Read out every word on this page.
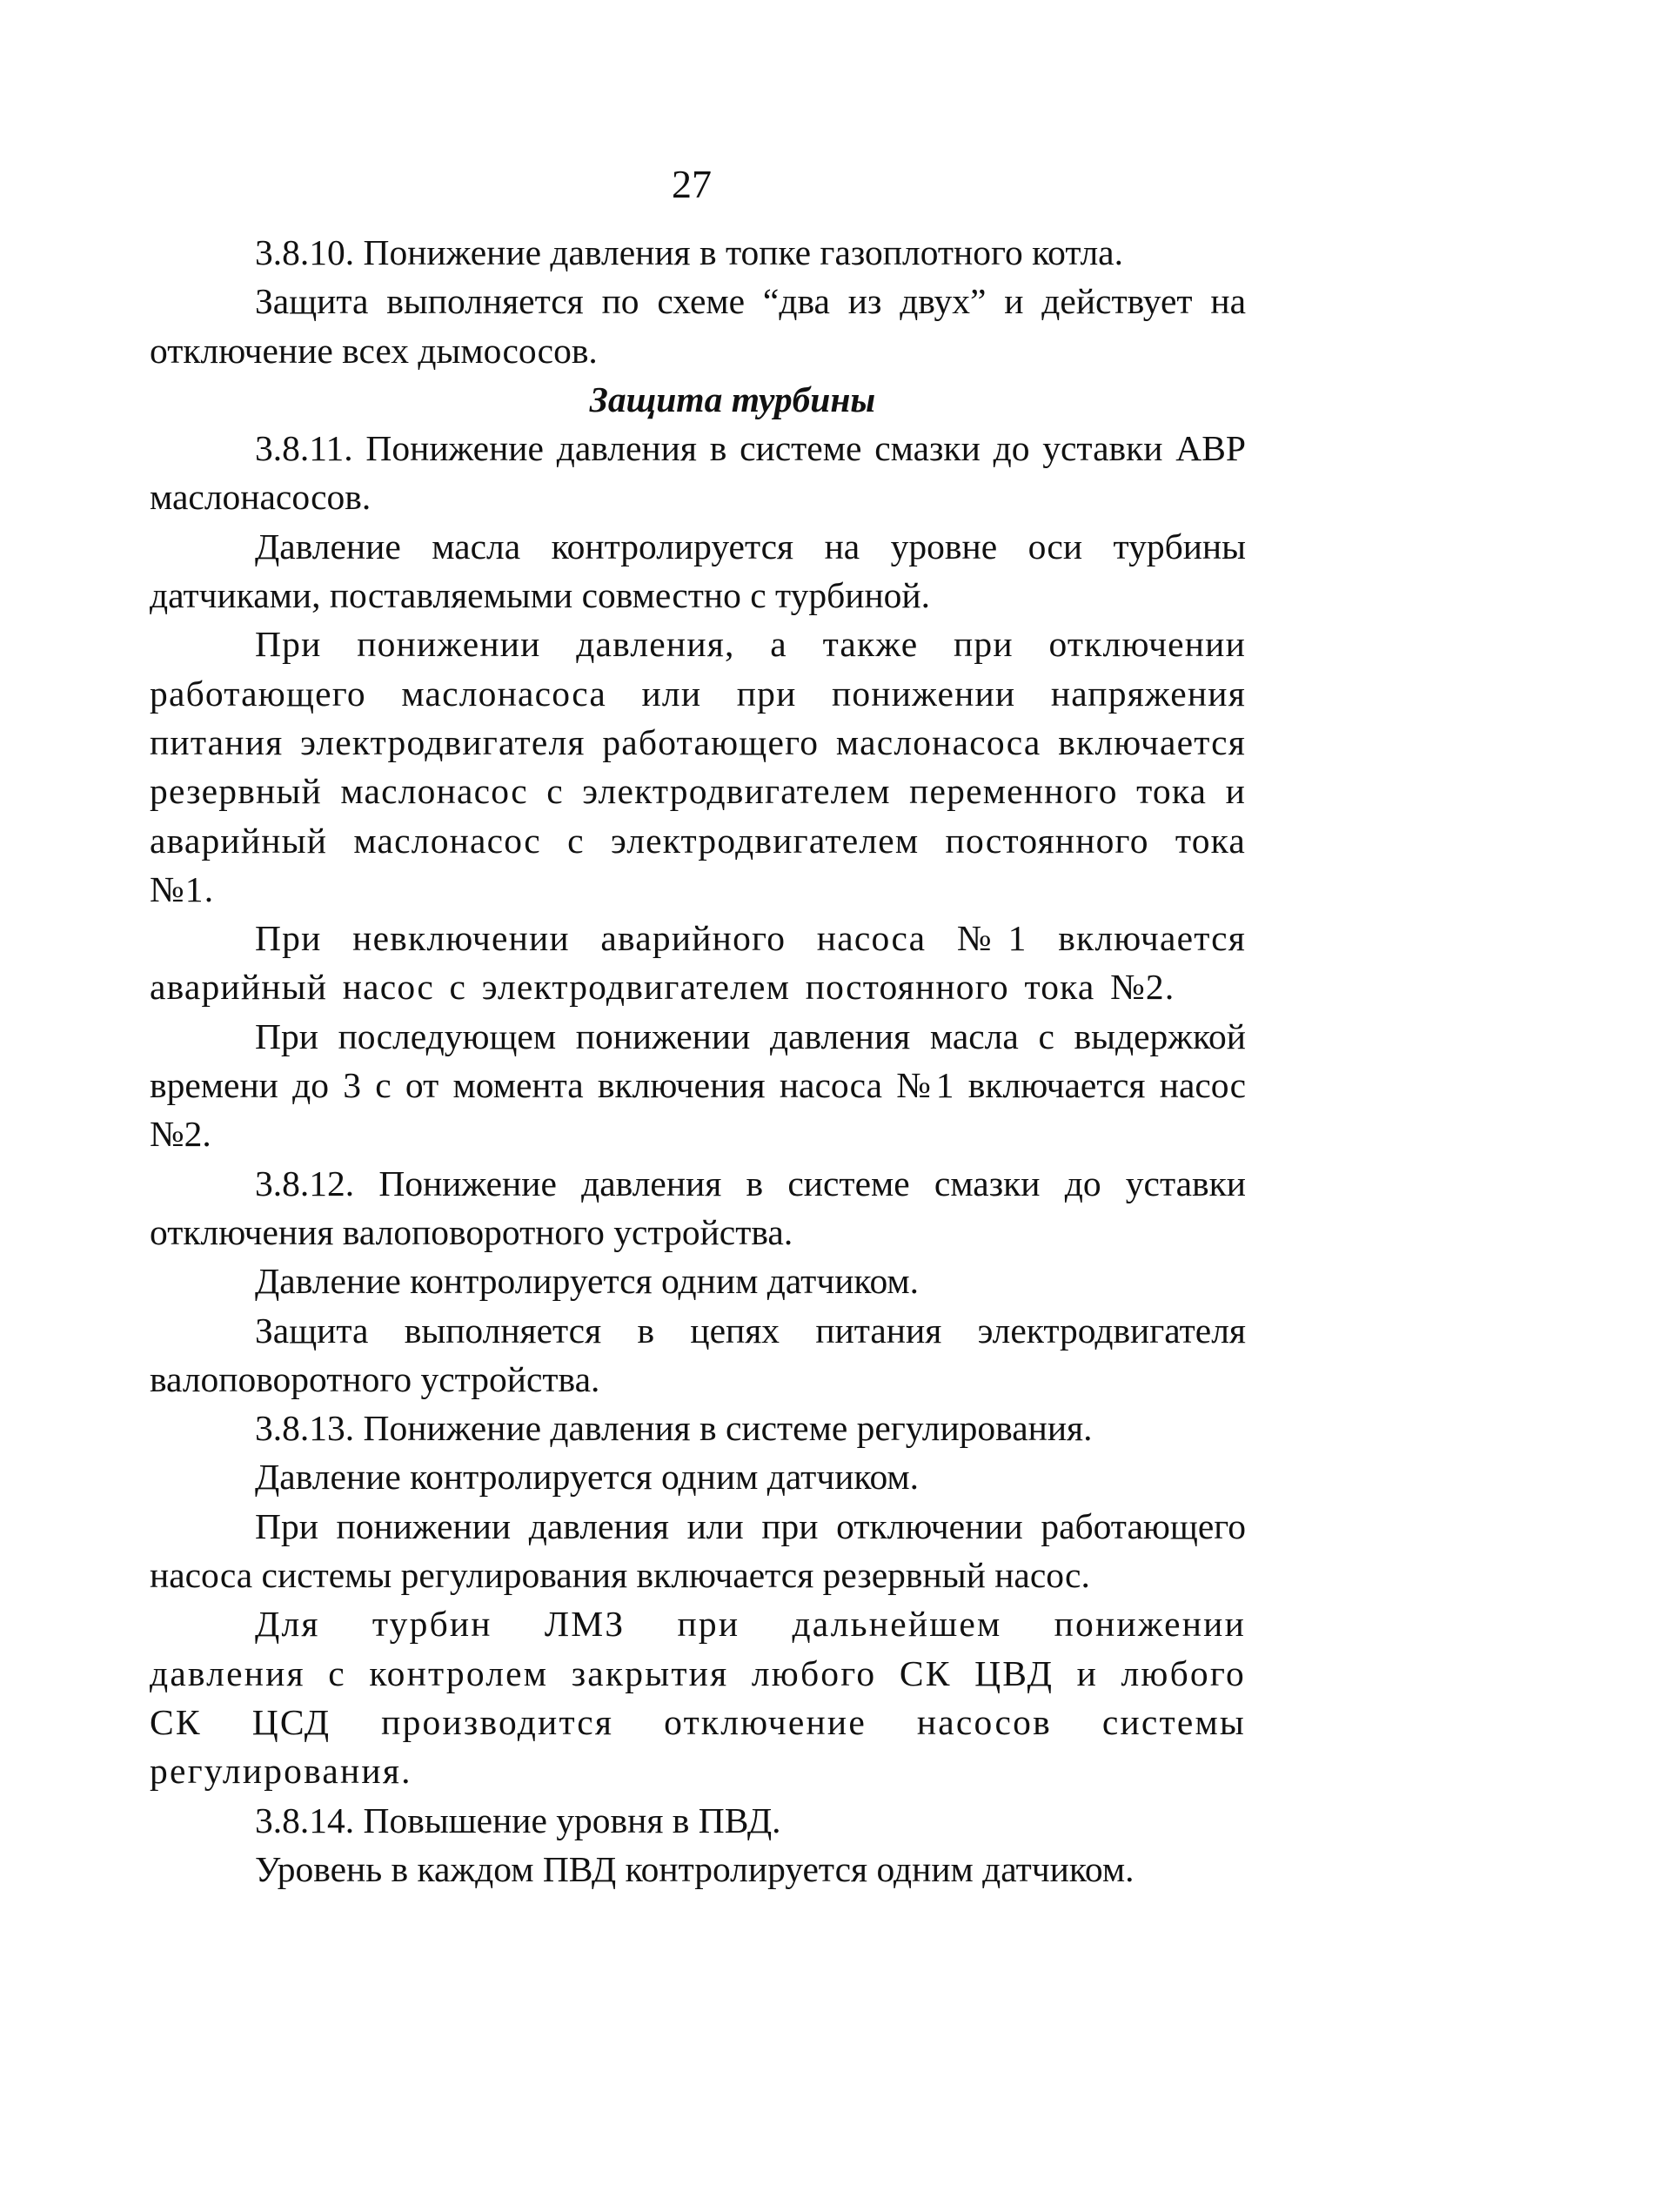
27

3.8.10. Понижение давления в топке газоплотного котла.

Защита выполняется по схеме “два из двух” и действует на отключение всех дымососов.

Защита турбины

3.8.11. Понижение давления в системе смазки до уставки АВР маслонасосов.

Давление масла контролируется на уровне оси турбины датчиками, поставляемыми совместно с турбиной.

При понижении давления, а также при отключении работающего маслонасоса или при понижении напряжения питания электродвигателя работающего маслонасоса включается резервный маслонасос с электродвигателем переменного тока и аварийный маслонасос с электродвигателем постоянного тока №1.

При невключении аварийного насоса №1 включается аварийный насос с электродвигателем постоянного тока №2.

При последующем понижении давления масла с выдержкой времени до 3 с от момента включения насоса №1 включается насос №2.

3.8.12. Понижение давления в системе смазки до уставки отключения валоповоротного устройства.

Давление контролируется одним датчиком.

Защита выполняется в цепях питания электродвигателя валоповоротного устройства.

3.8.13. Понижение давления в системе регулирования.

Давление контролируется одним датчиком.

При понижении давления или при отключении работающего насоса системы регулирования включается резервный насос.

Для турбин ЛМЗ при дальнейшем понижении давления с контролем закрытия любого СК ЦВД и любого СК ЦСД производится отключение насосов системы регулирования.

3.8.14. Повышение уровня в ПВД.

Уровень в каждом ПВД контролируется одним датчиком.
